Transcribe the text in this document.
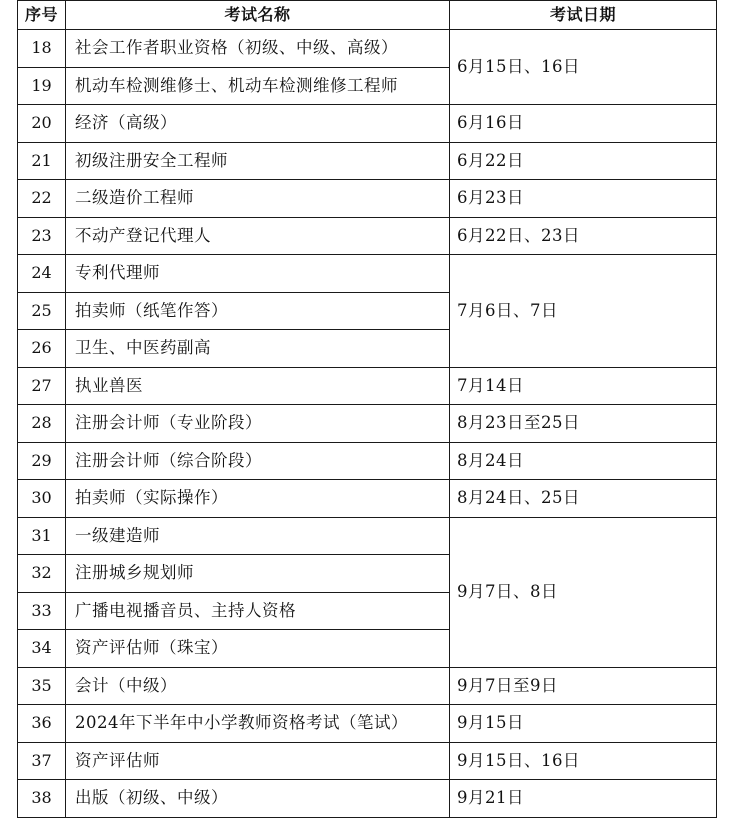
序号	考试名称	考试日期
18	社会工作者职业资格（初级、中级、高级）	6月15日、16日
19	机动车检测维修士、机动车检测维修工程师	
20	经济（高级）	6月16日
21	初级注册安全工程师	6月22日
22	二级造价工程师	6月23日
23	不动产登记代理人	6月22日、23日
24	专利代理师	7月6日、7日
25	拍卖师（纸笔作答）	
26	卫生、中医药副高	
27	执业兽医	7月14日
28	注册会计师（专业阶段）	8月23日至25日
29	注册会计师（综合阶段）	8月24日
30	拍卖师（实际操作）	8月24日、25日
31	一级建造师	9月7日、8日
32	注册城乡规划师	
33	广播电视播音员、主持人资格	
34	资产评估师（珠宝）	
35	会计（中级）	9月7日至9日
36	2024年下半年中小学教师资格考试（笔试）	9月15日
37	资产评估师	9月15日、16日
38	出版（初级、中级）	9月21日
